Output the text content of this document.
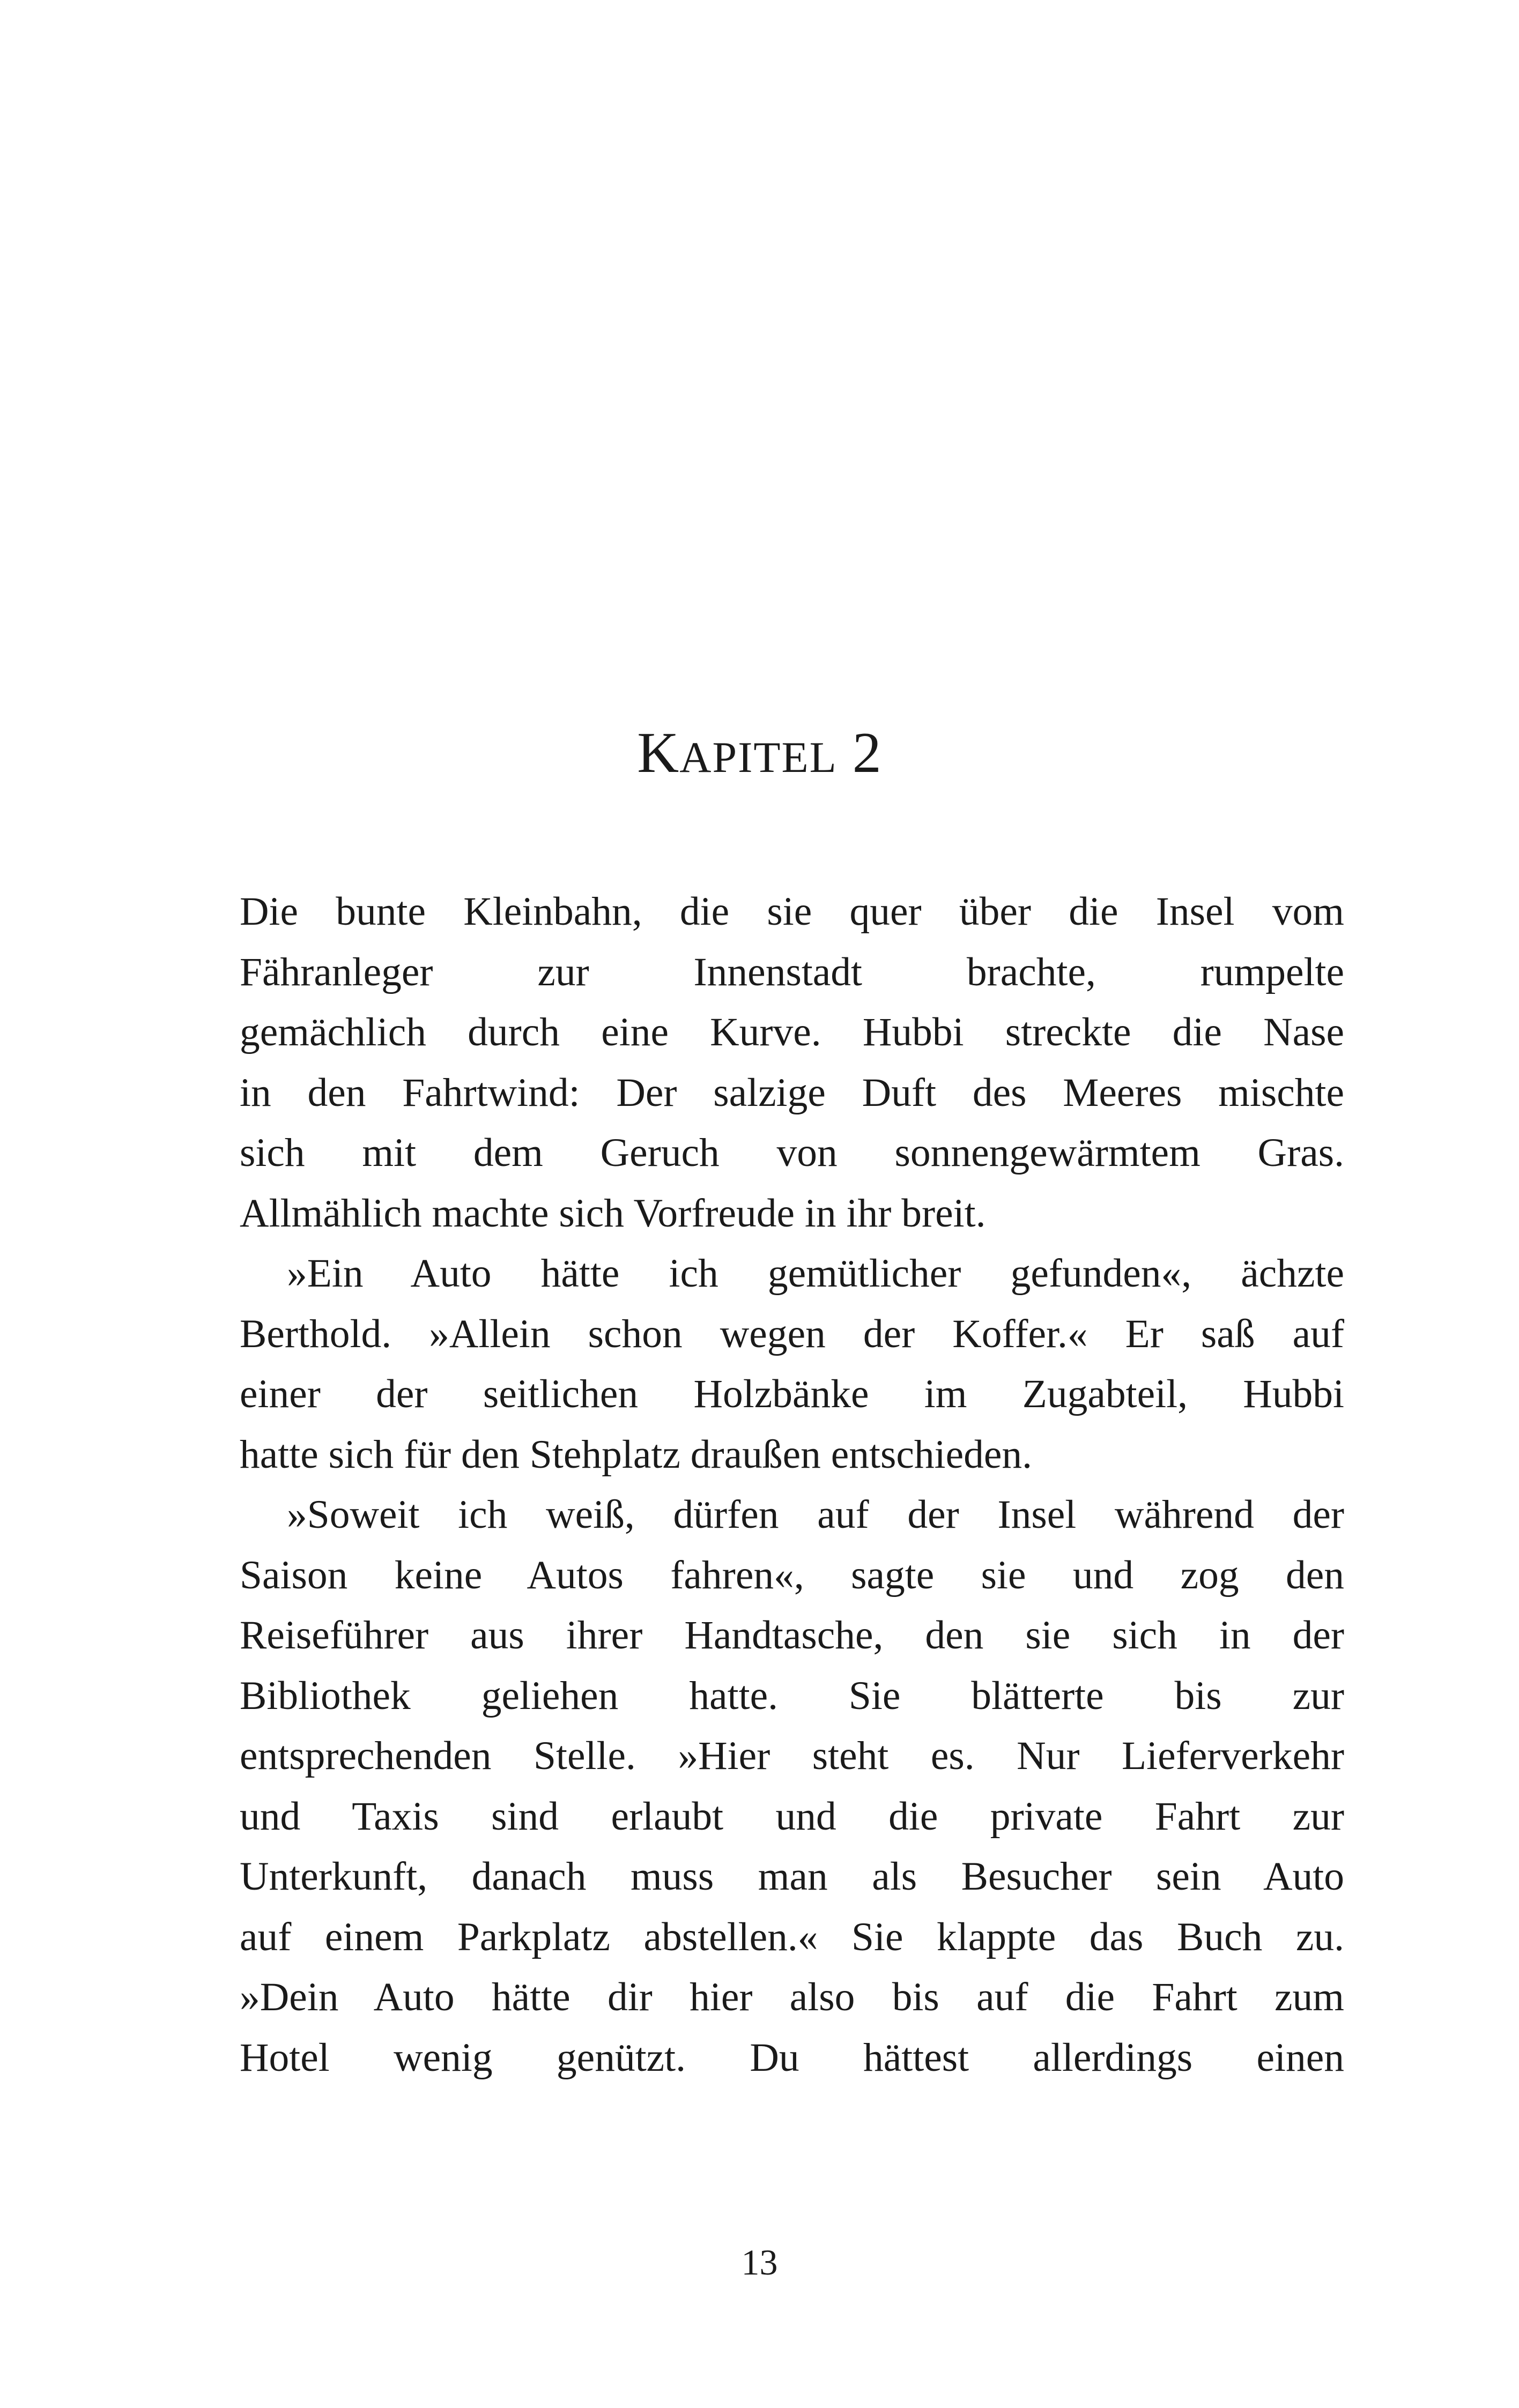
KAPITEL 2
Die bunte Kleinbahn, die sie quer über die Insel vom
Fähranleger zur Innenstadt brachte, rumpelte
gemächlich durch eine Kurve. Hubbi streckte die Nase
in den Fahrtwind: Der salzige Duft des Meeres mischte
sich mit dem Geruch von sonnengewärmtem Gras.
Allmählich machte sich Vorfreude in ihr breit.
»Ein Auto hätte ich gemütlicher gefunden«, ächzte
Berthold. »Allein schon wegen der Koffer.« Er saß auf
einer der seitlichen Holzbänke im Zugabteil, Hubbi
hatte sich für den Stehplatz draußen entschieden.
»Soweit ich weiß, dürfen auf der Insel während der
Saison keine Autos fahren«, sagte sie und zog den
Reiseführer aus ihrer Handtasche, den sie sich in der
Bibliothek geliehen hatte. Sie blätterte bis zur
entsprechenden Stelle. »Hier steht es. Nur Lieferverkehr
und Taxis sind erlaubt und die private Fahrt zur
Unterkunft, danach muss man als Besucher sein Auto
auf einem Parkplatz abstellen.« Sie klappte das Buch zu.
»Dein Auto hätte dir hier also bis auf die Fahrt zum
Hotel wenig genützt. Du hättest allerdings einen
13
